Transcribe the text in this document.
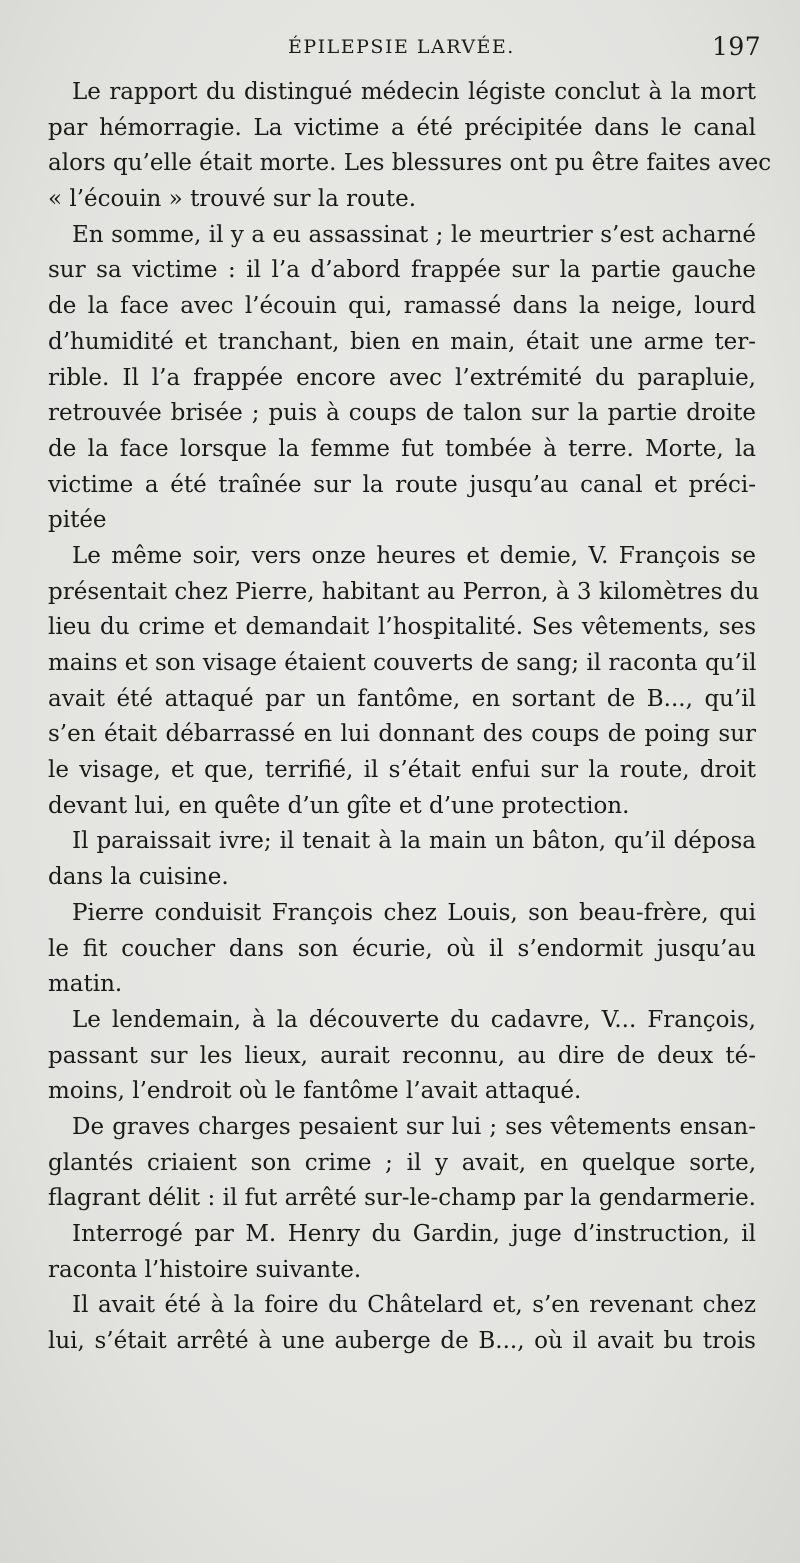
ÉPILEPSIE LARVÉE.	197
Le rapport du distingué médecin légiste conclut à la mort
par hémorragie. La victime a été précipitée dans le canal
alors qu’elle était morte. Les blessures ont pu être faites avec
« l’écouin » trouvé sur la route.
En somme, il y a eu assassinat ; le meurtrier s’est acharné
sur sa victime : il l’a d’abord frappée sur la partie gauche
de la face avec l’écouin qui, ramassé dans la neige, lourd
d’humidité et tranchant, bien en main, était une arme ter-
rible. Il l’a frappée encore avec l’extrémité du parapluie,
retrouvée brisée ; puis à coups de talon sur la partie droite
de la face lorsque la femme fut tombée à terre. Morte, la
victime a été traînée sur la route jusqu’au canal et préci-
pitée
Le même soir, vers onze heures et demie, V. François se
présentait chez Pierre, habitant au Perron, à 3 kilomètres du
lieu du crime et demandait l’hospitalité. Ses vêtements, ses
mains et son visage étaient couverts de sang; il raconta qu’il
avait été attaqué par un fantôme, en sortant de B..., qu’il
s’en était débarrassé en lui donnant des coups de poing sur
le visage, et que, terrifié, il s’était enfui sur la route, droit
devant lui, en quête d’un gîte et d’une protection.
Il paraissait ivre; il tenait à la main un bâton, qu’il déposa
dans la cuisine.
Pierre conduisit François chez Louis, son beau-frère, qui
le fit coucher dans son écurie, où il s’endormit jusqu’au
matin.
Le lendemain, à la découverte du cadavre, V... François,
passant sur les lieux, aurait reconnu, au dire de deux té-
moins, l’endroit où le fantôme l’avait attaqué.
De graves charges pesaient sur lui ; ses vêtements ensan-
glantés criaient son crime ; il y avait, en quelque sorte,
flagrant délit : il fut arrêté sur-le-champ par la gendarmerie.
Interrogé par M. Henry du Gardin, juge d’instruction, il
raconta l’histoire suivante.
Il avait été à la foire du Châtelard et, s’en revenant chez
lui, s’était arrêté à une auberge de B..., où il avait bu trois
